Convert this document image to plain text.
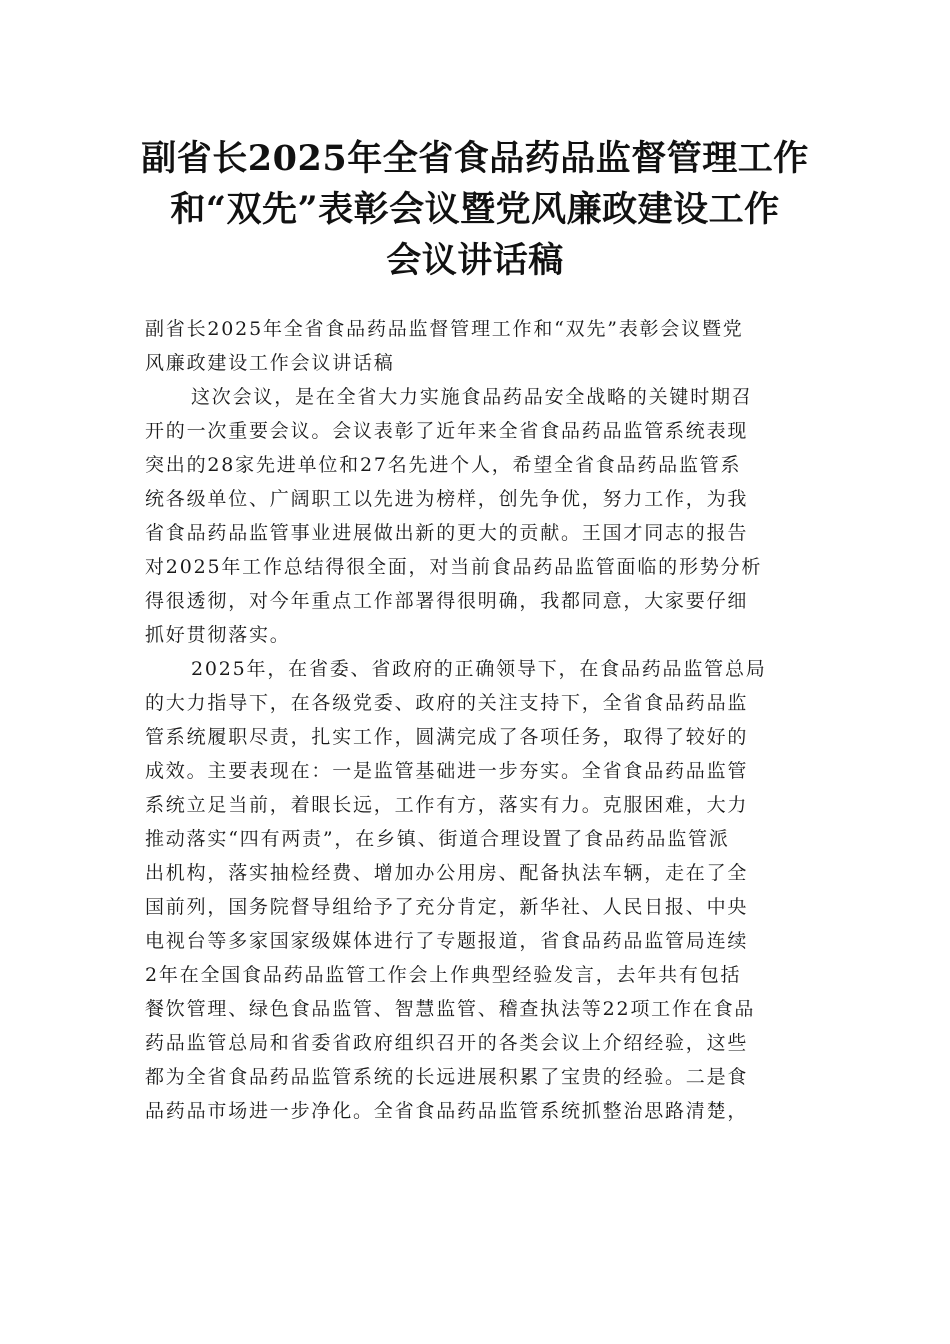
副省长2025年全省食品药品监督管理工作
和“双先”表彰会议暨党风廉政建设工作
会议讲话稿
副省长2025年全省食品药品监督管理工作和“双先”表彰会议暨党
风廉政建设工作会议讲话稿
这次会议，是在全省大力实施食品药品安全战略的关键时期召
开的一次重要会议。会议表彰了近年来全省食品药品监管系统表现
突出的28家先进单位和27名先进个人，希望全省食品药品监管系
统各级单位、广阔职工以先进为榜样，创先争优，努力工作，为我
省食品药品监管事业进展做出新的更大的贡献。王国才同志的报告
对2025年工作总结得很全面，对当前食品药品监管面临的形势分析
得很透彻，对今年重点工作部署得很明确，我都同意，大家要仔细
抓好贯彻落实。
2025年，在省委、省政府的正确领导下，在食品药品监管总局
的大力指导下，在各级党委、政府的关注支持下，全省食品药品监
管系统履职尽责，扎实工作，圆满完成了各项任务，取得了较好的
成效。主要表现在：一是监管基础进一步夯实。全省食品药品监管
系统立足当前，着眼长远，工作有方，落实有力。克服困难，大力
推动落实“四有两责”，在乡镇、街道合理设置了食品药品监管派
出机构，落实抽检经费、增加办公用房、配备执法车辆，走在了全
国前列，国务院督导组给予了充分肯定，新华社、人民日报、中央
电视台等多家国家级媒体进行了专题报道，省食品药品监管局连续
2年在全国食品药品监管工作会上作典型经验发言，去年共有包括
餐饮管理、绿色食品监管、智慧监管、稽查执法等22项工作在食品
药品监管总局和省委省政府组织召开的各类会议上介绍经验，这些
都为全省食品药品监管系统的长远进展积累了宝贵的经验。二是食
品药品市场进一步净化。全省食品药品监管系统抓整治思路清楚，
